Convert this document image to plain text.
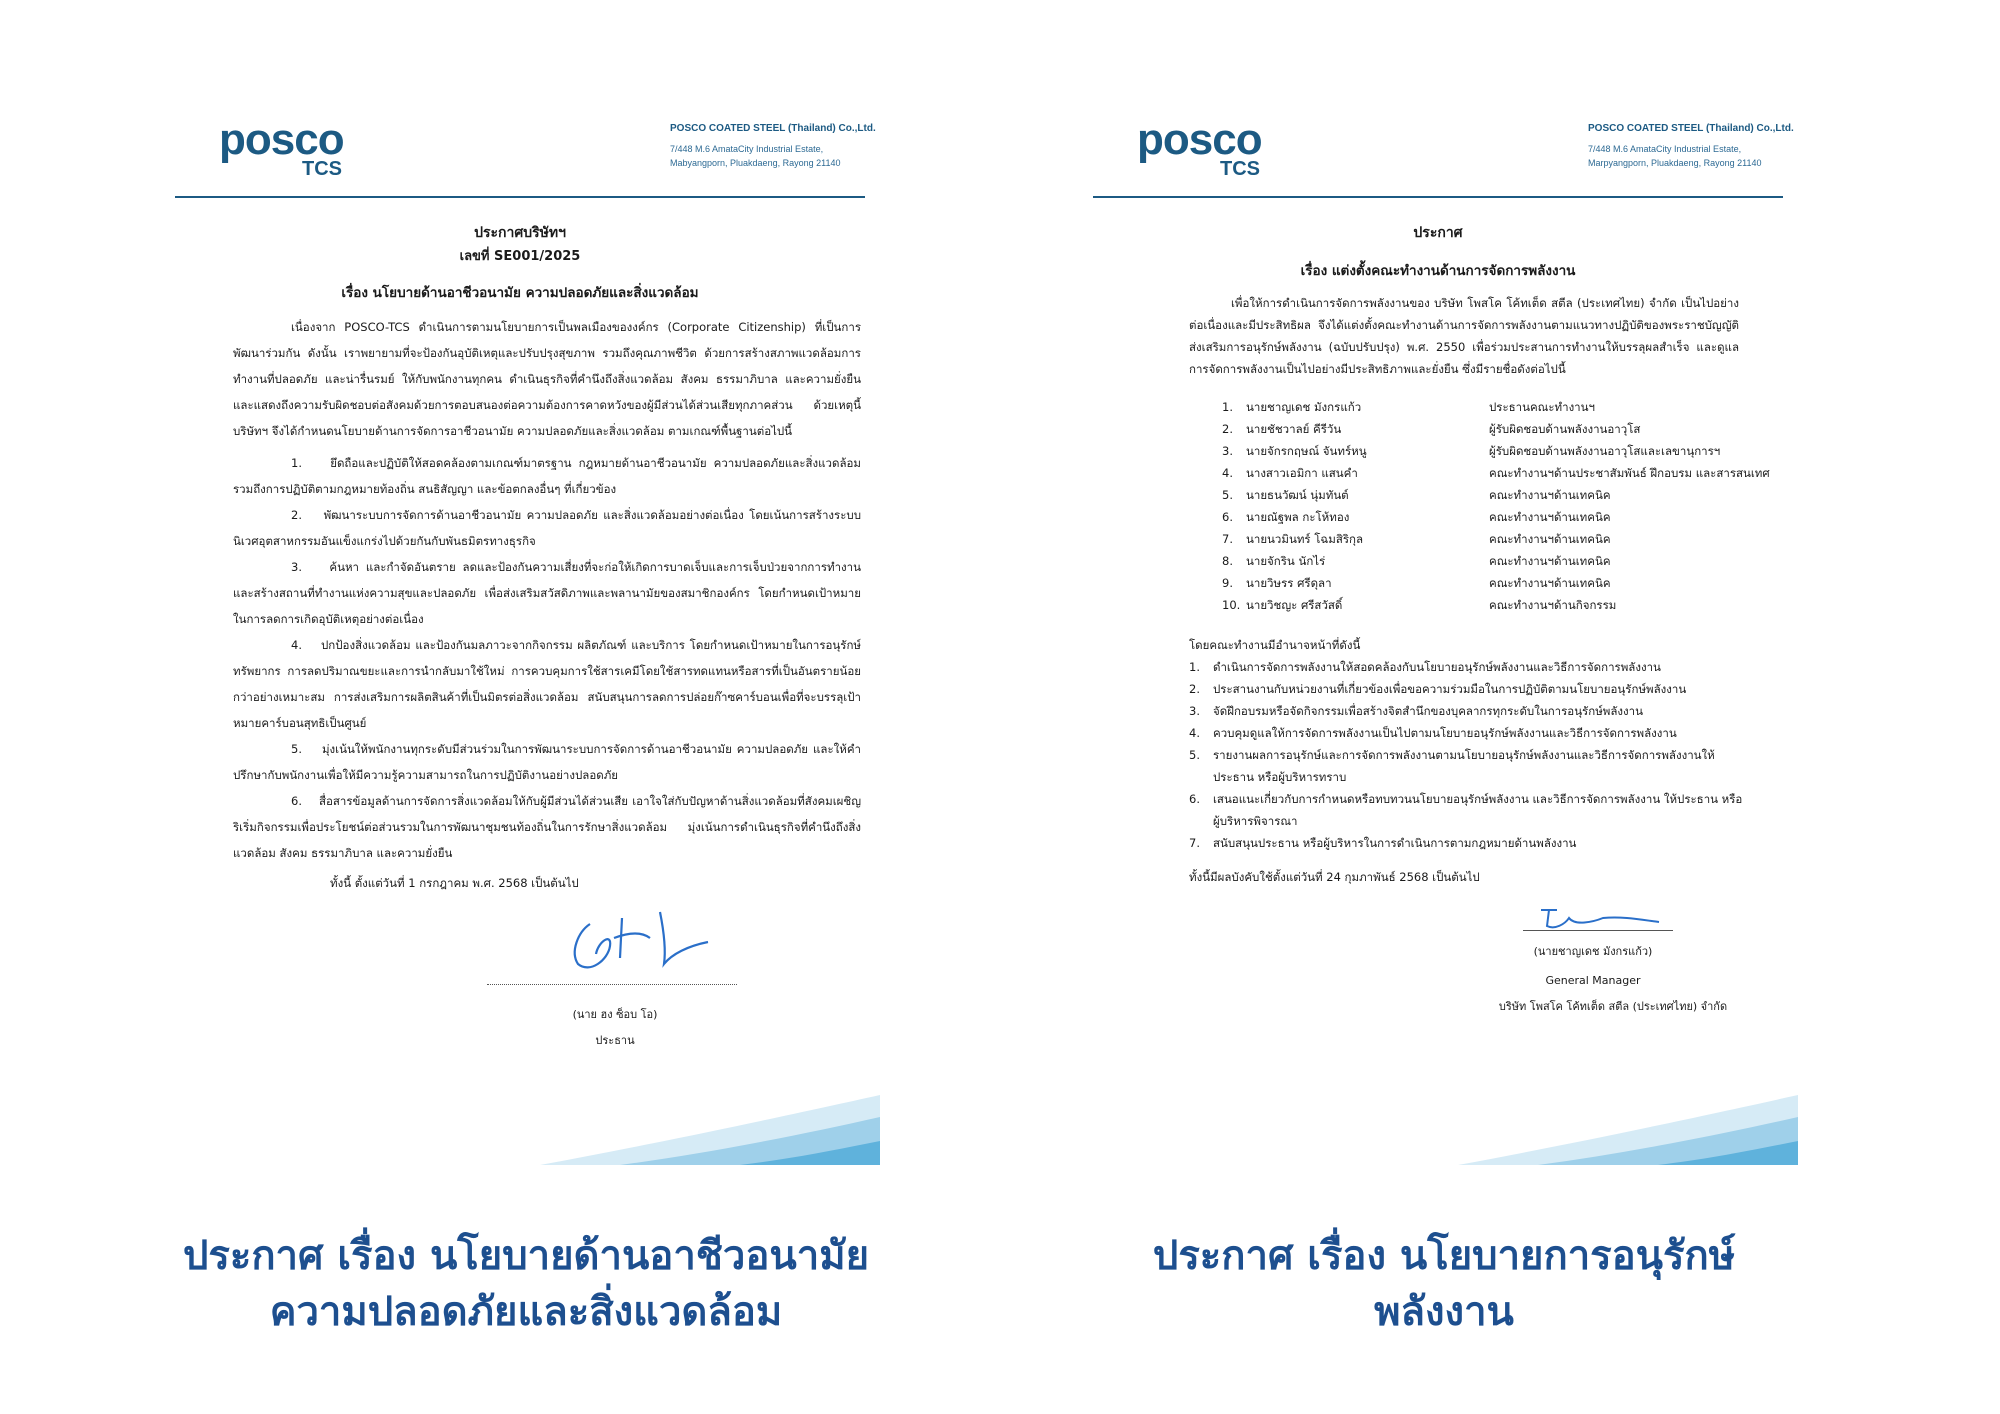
posco
TCS
POSCO COATED STEEL (Thailand) Co.,Ltd.
7/448 M.6 AmataCity Industrial Estate,
Mabyangporn, Pluakdaeng, Rayong 21140
ประกาศบริษัทฯ
เลขที่ SE001/2025
เรื่อง นโยบายด้านอาชีวอนามัย ความปลอดภัยและสิ่งแวดล้อม
เนื่องจาก POSCO-TCS ดำเนินการตามนโยบายการเป็นพลเมืองของงค์กร (Corporate Citizenship) ที่เป็นการพัฒนาร่วมกัน ดังนั้น เราพยายามที่จะป้องกันอุบัติเหตุและปรับปรุงสุขภาพ รวมถึงคุณภาพชีวิต ด้วยการสร้างสภาพแวดล้อมการทำงานที่ปลอดภัย และน่ารื่นรมย์ ให้กับพนักงานทุกคน ดำเนินธุรกิจที่คำนึงถึงสิ่งแวดล้อม สังคม ธรรมาภิบาล และความยั่งยืน และแสดงถึงความรับผิดชอบต่อสังคมด้วยการตอบสนองต่อความต้องการคาดหวังของผู้มีส่วนได้ส่วนเสียทุกภาคส่วน ด้วยเหตุนี้ บริษัทฯ จึงได้กำหนดนโยบายด้านการจัดการอาชีวอนามัย ความปลอดภัยและสิ่งแวดล้อม ตามเกณฑ์พื้นฐานต่อไปนี้
1. ยึดถือและปฏิบัติให้สอดคล้องตามเกณฑ์มาตรฐาน กฎหมายด้านอาชีวอนามัย ความปลอดภัยและสิ่งแวดล้อม รวมถึงการปฏิบัติตามกฎหมายท้องถิ่น สนธิสัญญา และข้อตกลงอื่นๆ ที่เกี่ยวข้อง
2. พัฒนาระบบการจัดการด้านอาชีวอนามัย ความปลอดภัย และสิ่งแวดล้อมอย่างต่อเนื่อง โดยเน้นการสร้างระบบนิเวศอุตสาหกรรมอันแข็งแกร่งไปด้วยกันกับพันธมิตรทางธุรกิจ
3. ค้นหา และกำจัดอันตราย ลดและป้องกันความเสี่ยงที่จะก่อให้เกิดการบาดเจ็บและการเจ็บป่วยจากการทำงาน และสร้างสถานที่ทำงานแห่งความสุขและปลอดภัย เพื่อส่งเสริมสวัสดิภาพและพลานามัยของสมาชิกองค์กร โดยกำหนดเป้าหมายในการลดการเกิดอุบัติเหตุอย่างต่อเนื่อง
4. ปกป้องสิ่งแวดล้อม และป้องกันมลภาวะจากกิจกรรม ผลิตภัณฑ์ และบริการ โดยกำหนดเป้าหมายในการอนุรักษ์ทรัพยากร การลดปริมาณขยะและการนำกลับมาใช้ใหม่ การควบคุมการใช้สารเคมีโดยใช้สารทดแทนหรือสารที่เป็นอันตรายน้อยกว่าอย่างเหมาะสม การส่งเสริมการผลิตสินค้าที่เป็นมิตรต่อสิ่งแวดล้อม สนับสนุนการลดการปล่อยก๊าซคาร์บอนเพื่อที่จะบรรลุเป้าหมายคาร์บอนสุทธิเป็นศูนย์
5. มุ่งเน้นให้พนักงานทุกระดับมีส่วนร่วมในการพัฒนาระบบการจัดการด้านอาชีวอนามัย ความปลอดภัย และให้คำปรึกษากับพนักงานเพื่อให้มีความรู้ความสามารถในการปฏิบัติงานอย่างปลอดภัย
6. สื่อสารข้อมูลด้านการจัดการสิ่งแวดล้อมให้กับผู้มีส่วนได้ส่วนเสีย เอาใจใส่กับปัญหาด้านสิ่งแวดล้อมที่สังคมเผชิญ ริเริ่มกิจกรรมเพื่อประโยชน์ต่อส่วนรวมในการพัฒนาชุมชนท้องถิ่นในการรักษาสิ่งแวดล้อม มุ่งเน้นการดำเนินธุรกิจที่คำนึงถึงสิ่งแวดล้อม สังคม ธรรมาภิบาล และความยั่งยืน
ทั้งนี้ ตั้งแต่วันที่ 1 กรกฎาคม พ.ศ. 2568 เป็นต้นไป
(นาย ฮง ซ็อบ โอ)
ประธาน
posco
TCS
POSCO COATED STEEL (Thailand) Co.,Ltd.
7/448 M.6 AmataCity Industrial Estate,
Marpyangporn, Pluakdaeng, Rayong 21140
ประกาศ
เรื่อง แต่งตั้งคณะทำงานด้านการจัดการพลังงาน
เพื่อให้การดำเนินการจัดการพลังงานของ บริษัท โพสโค โค้ทเต็ด สตีล (ประเทศไทย) จำกัด เป็นไปอย่างต่อเนื่องและมีประสิทธิผล จึงได้แต่งตั้งคณะทำงานด้านการจัดการพลังงานตามแนวทางปฏิบัติของพระราชบัญญัติส่งเสริมการอนุรักษ์พลังงาน (ฉบับปรับปรุง) พ.ศ. 2550 เพื่อร่วมประสานการทำงานให้บรรลุผลสำเร็จ และดูแลการจัดการพลังงานเป็นไปอย่างมีประสิทธิภาพและยั่งยืน ซึ่งมีรายชื่อดังต่อไปนี้
1.	นายชาญเดช มังกรแก้ว	ประธานคณะทำงานฯ
2.	นายชัชวาลย์ คีรีวัน	ผู้รับผิดชอบด้านพลังงานอาวุโส
3.	นายจักรกฤษณ์ จันทร์หนู	ผู้รับผิดชอบด้านพลังงานอาวุโสและเลขานุการฯ
4.	นางสาวเอมิกา แสนคำ	คณะทำงานฯด้านประชาสัมพันธ์ ฝึกอบรม และสารสนเทศ
5.	นายธนวัฒน์ นุ่มทันต์	คณะทำงานฯด้านเทคนิค
6.	นายณัฐพล กะโห้ทอง	คณะทำงานฯด้านเทคนิค
7.	นายนวมินทร์ โฉมสิริกุล	คณะทำงานฯด้านเทคนิค
8.	นายจักริน นักไร่	คณะทำงานฯด้านเทคนิค
9.	นายวิษรร ศรีดุลา	คณะทำงานฯด้านเทคนิค
10. นายวิชญะ ศรีสวัสดิ์	คณะทำงานฯด้านกิจกรรม
โดยคณะทำงานมีอำนาจหน้าที่ดังนี้
1.	ดำเนินการจัดการพลังงานให้สอดคล้องกับนโยบายอนุรักษ์พลังงานและวิธีการจัดการพลังงาน
2.	ประสานงานกับหน่วยงานที่เกี่ยวข้องเพื่อขอความร่วมมือในการปฏิบัติตามนโยบายอนุรักษ์พลังงาน
3.	จัดฝึกอบรมหรือจัดกิจกรรมเพื่อสร้างจิตสำนึกของบุคลากรทุกระดับในการอนุรักษ์พลังงาน
4.	ควบคุมดูแลให้การจัดการพลังงานเป็นไปตามนโยบายอนุรักษ์พลังงานและวิธีการจัดการพลังงาน
5.	รายงานผลการอนุรักษ์และการจัดการพลังงานตามนโยบายอนุรักษ์พลังงานและวิธีการจัดการพลังงานให้ประธาน หรือผู้บริหารทราบ
6.	เสนอแนะเกี่ยวกับการกำหนดหรือทบทวนนโยบายอนุรักษ์พลังงาน และวิธีการจัดการพลังงาน ให้ประธาน หรือผู้บริหารพิจารณา
7.	สนับสนุนประธาน หรือผู้บริหารในการดำเนินการตามกฎหมายด้านพลังงาน
ทั้งนี้มีผลบังคับใช้ตั้งแต่วันที่ 24 กุมภาพันธ์ 2568 เป็นต้นไป
(นายชาญเดช มังกรแก้ว)
General Manager
บริษัท โพสโค โค้ทเต็ด สตีล (ประเทศไทย) จำกัด
ประกาศ เรื่อง นโยบายด้านอาชีวอนามัย
ความปลอดภัยและสิ่งแวดล้อม
ประกาศ เรื่อง นโยบายการอนุรักษ์พลังงาน
